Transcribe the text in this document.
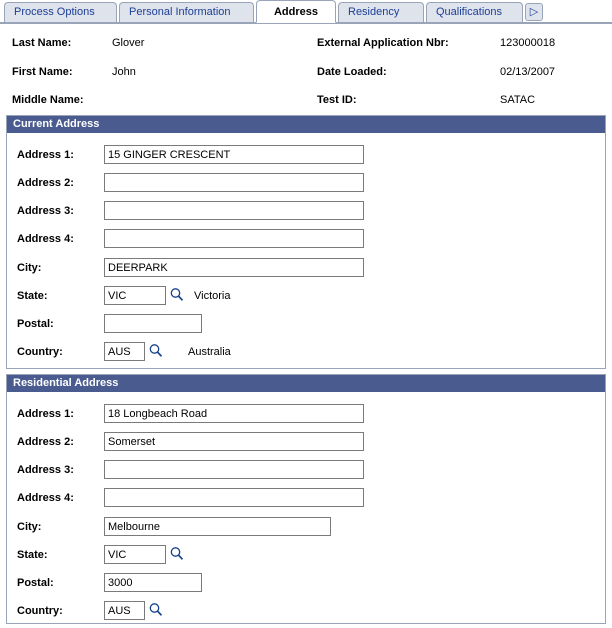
Process Options	Personal Information	Address	Residency	Qualifications	▷
Last Name:	Glover
First Name:	John
Middle Name:
External Application Nbr:	123000018
Date Loaded:	02/13/2007
Test ID:	SATAC
Current Address
Address 1:
15 GINGER CRESCENT
Address 2:
Address 3:
Address 4:
City:
DEERPARK
State:
VIC	Victoria
Postal:
Country:
AUS	Australia
Residential Address
Address 1:
18 Longbeach Road
Address 2:
Somerset
Address 3:
Address 4:
City:
Melbourne
State:
VIC
Postal:
3000
Country:
AUS
